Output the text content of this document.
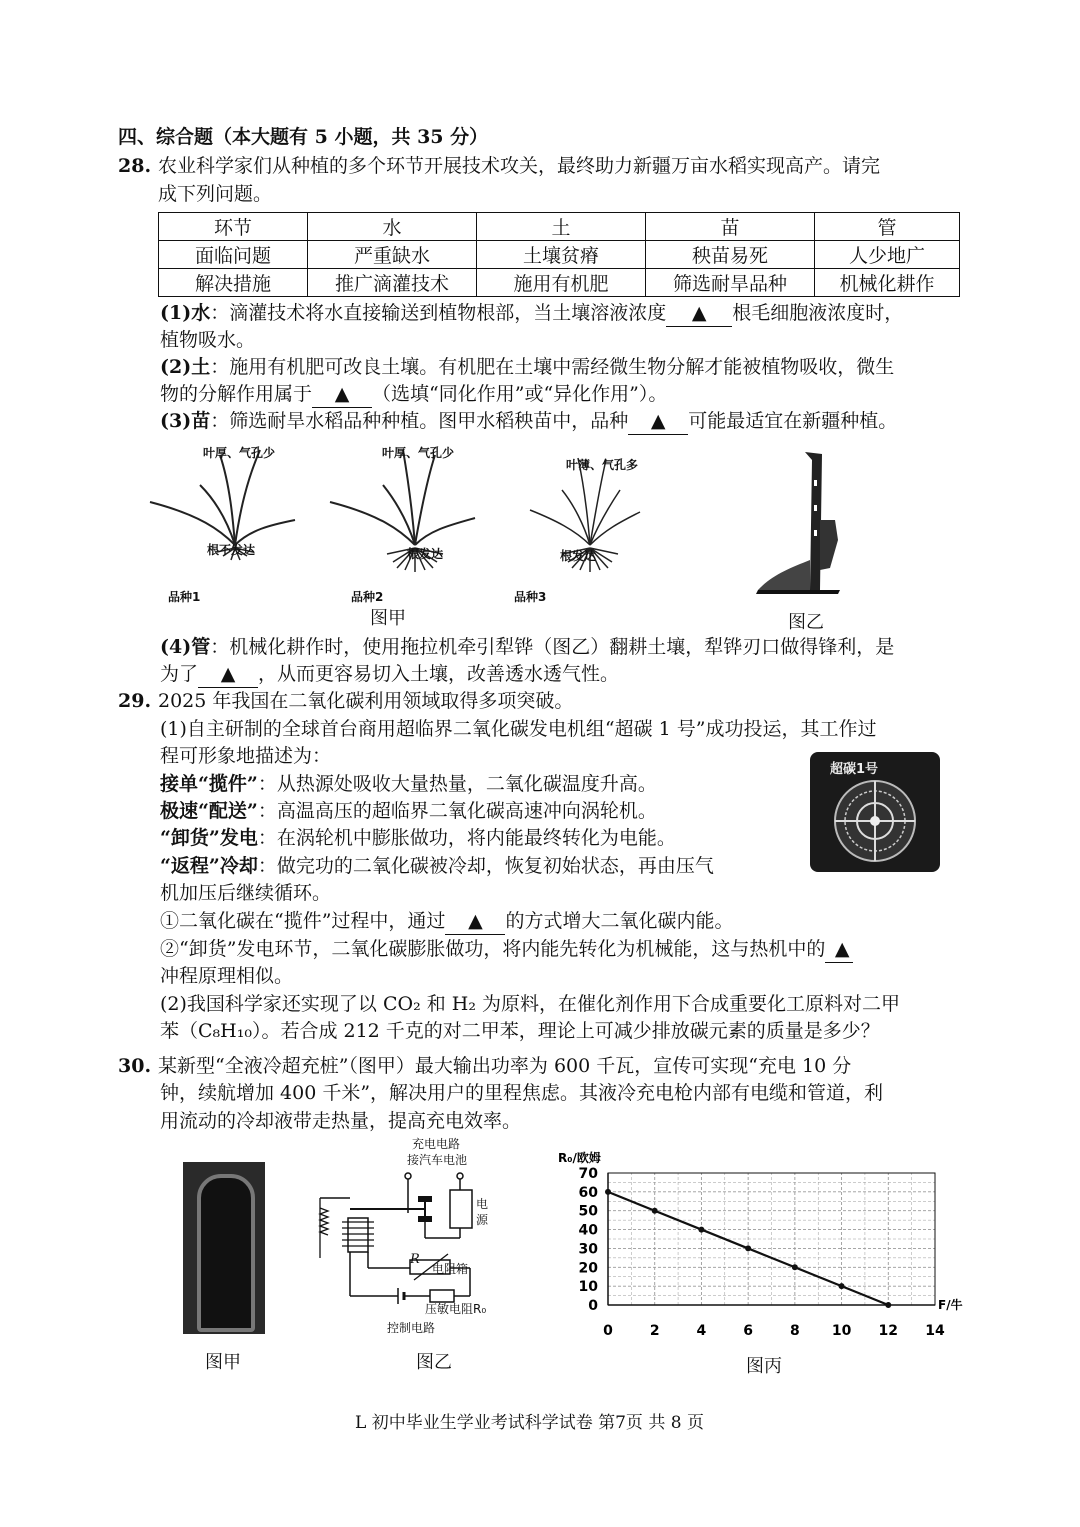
四、综合题（本大题有 5 小题，共 35 分）
28. 农业科学家们从种植的多个环节开展技术攻关，最终助力新疆万亩水稻实现高产。请完
成下列问题。
环节	水	土	苗	管
面临问题	严重缺水	土壤贫瘠	秧苗易死	人少地广
解决措施	推广滴灌技术	施用有机肥	筛选耐旱品种	机械化耕作
(1)水：滴灌技术将水直接输送到植物根部，当土壤溶液浓度 ▲ 根毛细胞液浓度时，
植物吸水。
(2)土：施用有机肥可改良土壤。有机肥在土壤中需经微生物分解才能被植物吸收，微生
物的分解作用属于 ▲ （选填“同化作用”或“异化作用”）。
(3)苗：筛选耐旱水稻品种种植。图甲水稻秧苗中，品种 ▲ 可能最适宜在新疆种植。
叶厚、气孔少
根不发达
品种1
叶厚、气孔少
根发达
品种2
叶薄、气孔多
根发达
品种3
图甲	图乙
(4)管：机械化耕作时，使用拖拉机牵引犁铧（图乙）翻耕土壤，犁铧刃口做得锋利，是
为了 ▲ ，从而更容易切入土壤，改善透水透气性。
29. 2025 年我国在二氧化碳利用领域取得多项突破。
(1)自主研制的全球首台商用超临界二氧化碳发电机组“超碳 1 号”成功投运，其工作过
程可形象地描述为：
接单“揽件”：从热源处吸收大量热量，二氧化碳温度升高。
极速“配送”：高温高压的超临界二氧化碳高速冲向涡轮机。
“卸货”发电：在涡轮机中膨胀做功，将内能最终转化为电能。
“返程”冷却：做完功的二氧化碳被冷却，恢复初始状态，再由压气
机加压后继续循环。
超碳1号
①二氧化碳在“揽件”过程中，通过 ▲ 的方式增大二氧化碳内能。
②“卸货”发电环节，二氧化碳膨胀做功，将内能先转化为机械能，这与热机中的 ▲
冲程原理相似。
(2)我国科学家还实现了以 CO₂ 和 H₂ 为原料，在催化剂作用下合成重要化工原料对二甲
苯（C₈H₁₀）。若合成 212 千克的对二甲苯，理论上可减少排放碳元素的质量是多少？
30. 某新型“全液冷超充桩”（图甲）最大输出功率为 600 千瓦，宣传可实现“充电 10 分
钟，续航增加 400 千米”，解决用户的里程焦虑。其液冷充电枪内部有电缆和管道，利
用流动的冷却液带走热量，提高充电效率。
图甲
充电电路
接汽车电池
电源
R
电阻箱
压敏电阻R₀
控制电路
图乙
0	2	4	6	8 10 12 14
0
10
20
30
40
50
60
70
R₀/欧姆
F/牛
图丙
L 初中毕业生学业考试科学试卷 第7页 共 8 页
